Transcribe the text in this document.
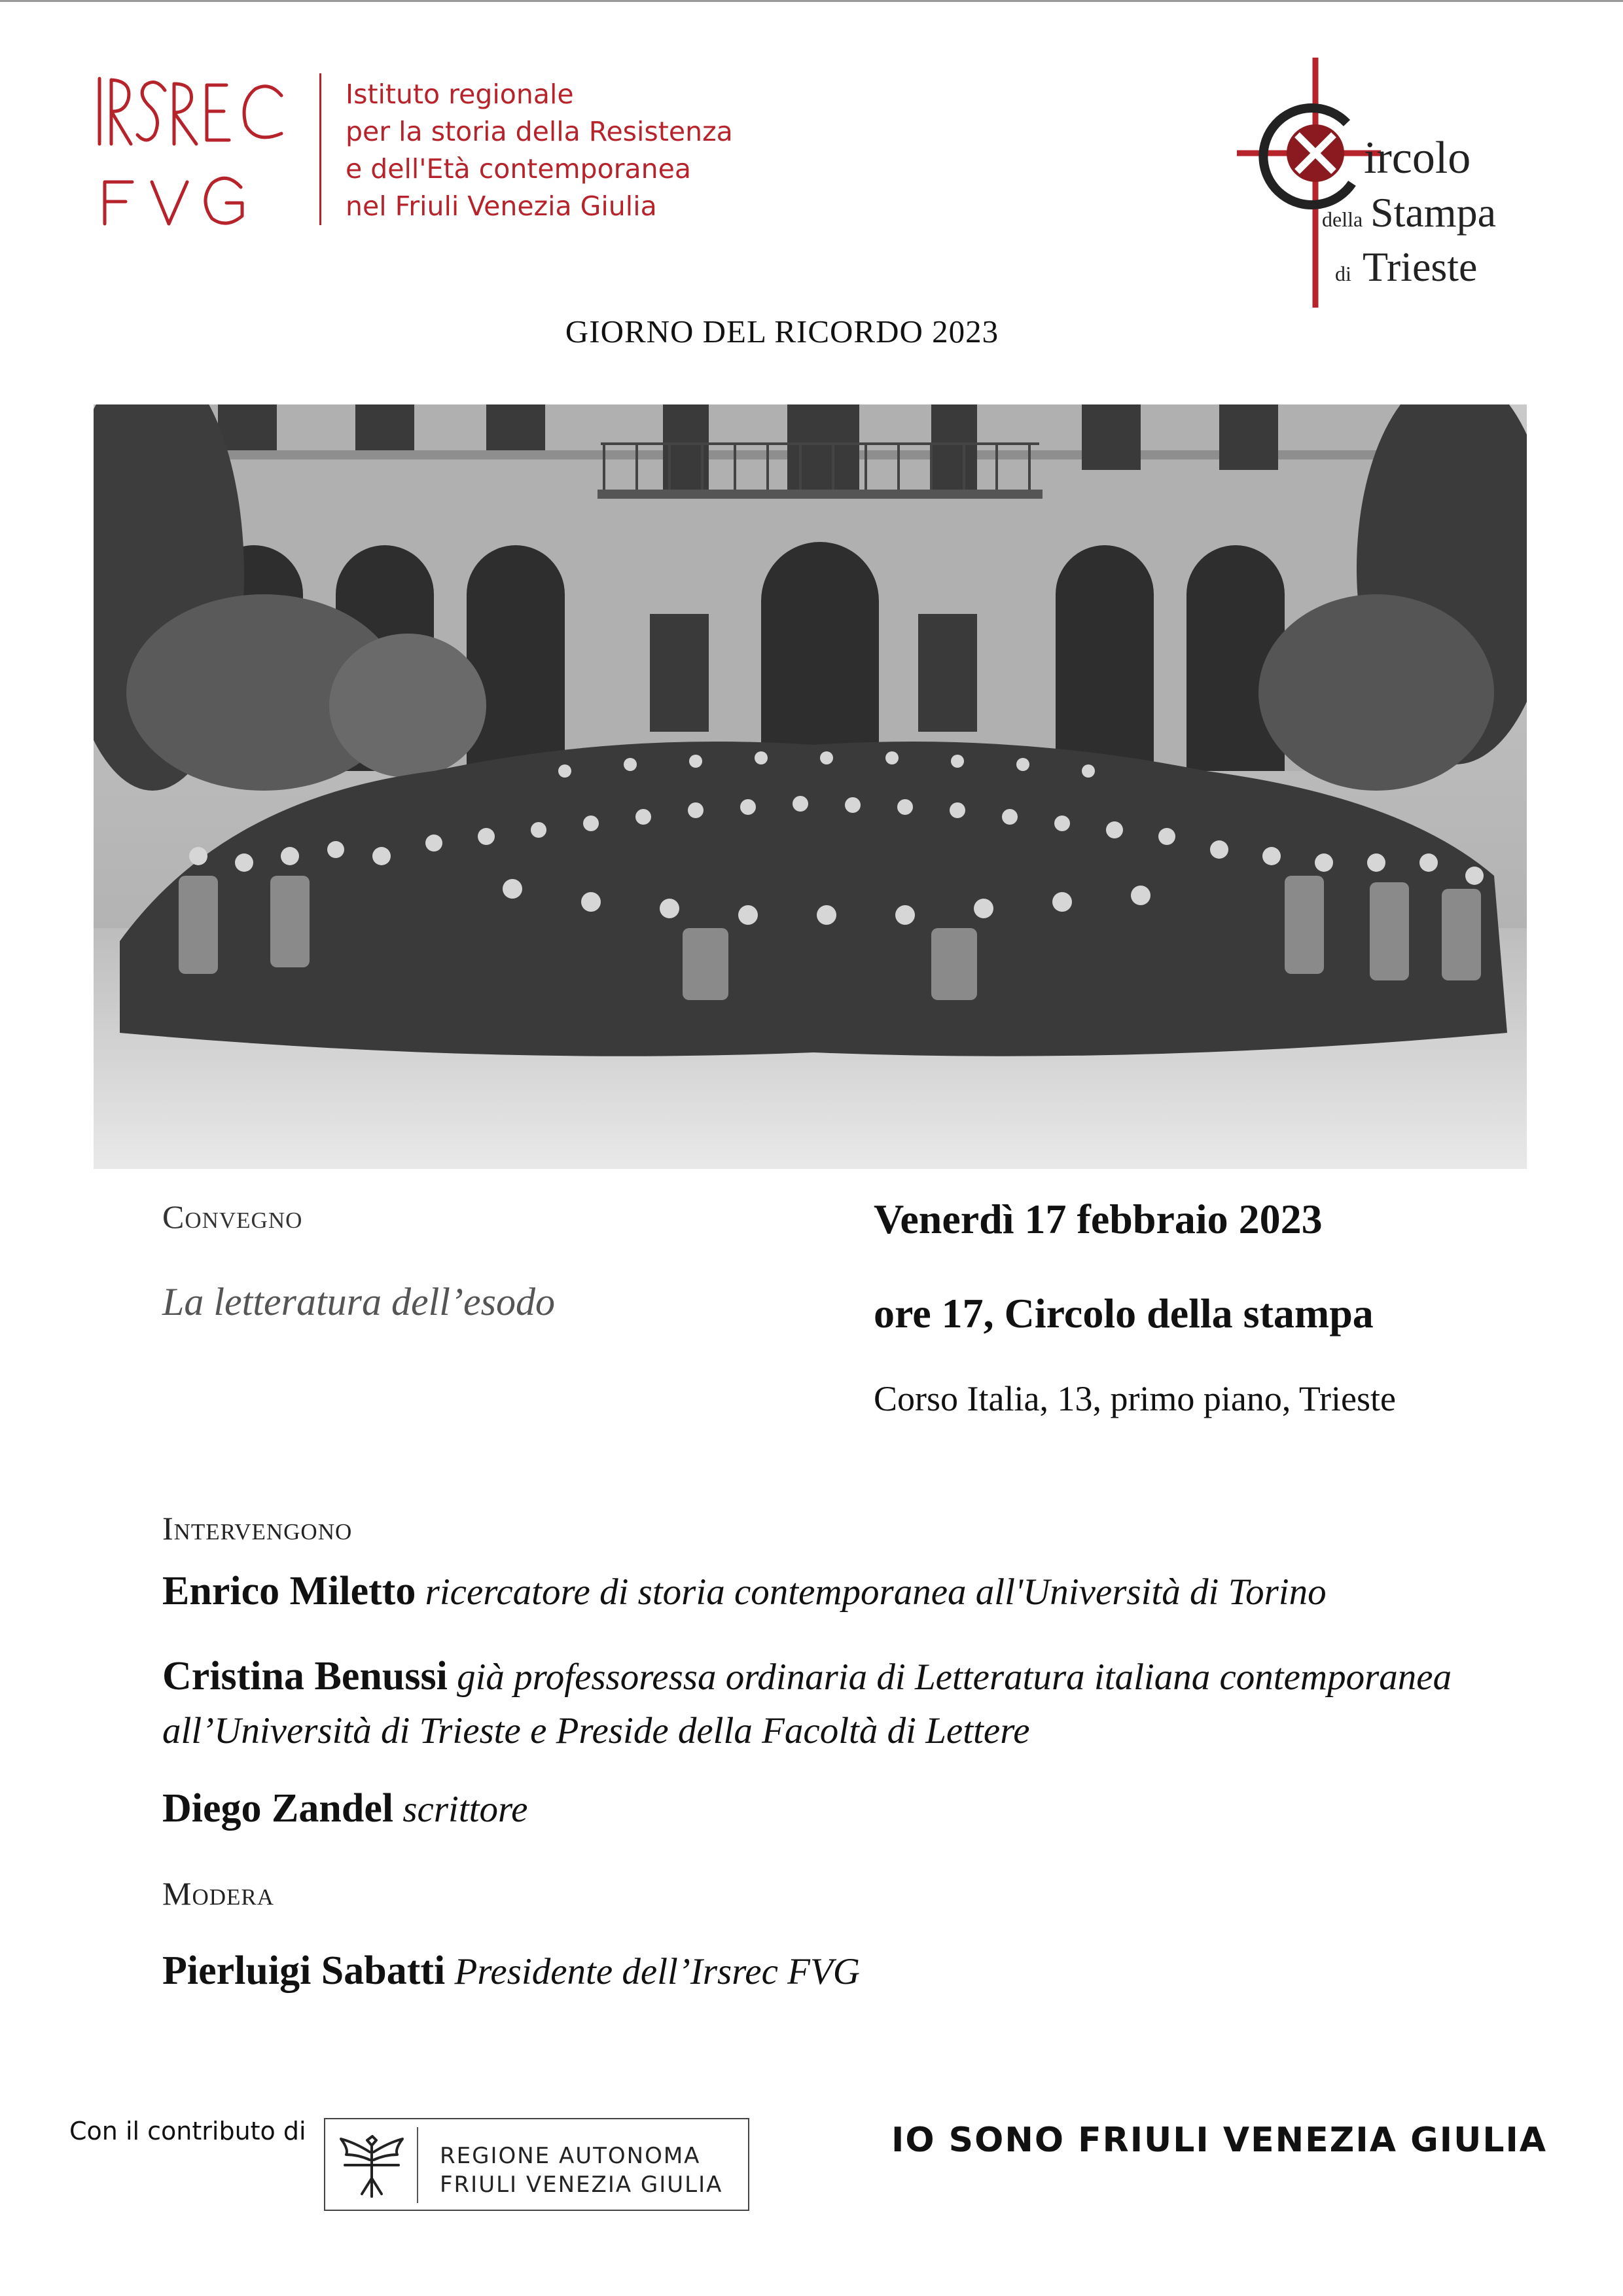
Istituto regionale
per la storia della Resistenza
e dell'Età contemporanea
nel Friuli Venezia Giulia
ircolo
della Stampa
di Trieste
GIORNO DEL RICORDO 2023
Convegno
La letteratura dell’esodo
Venerdì 17 febbraio 2023
ore 17, Circolo della stampa
Corso Italia, 13, primo piano, Trieste
Intervengono
Enrico Miletto ricercatore di storia contemporanea all'Università di Torino
Cristina Benussi già professoressa ordinaria di Letteratura italiana contemporanea all’Università di Trieste e Preside della Facoltà di Lettere
Diego Zandel scrittore
Modera
Pierluigi Sabatti Presidente dell’Irsrec FVG
Con il contributo di
REGIONE AUTONOMA
FRIULI VENEZIA GIULIA
IO SONO FRIULI VENEZIA GIULIA
